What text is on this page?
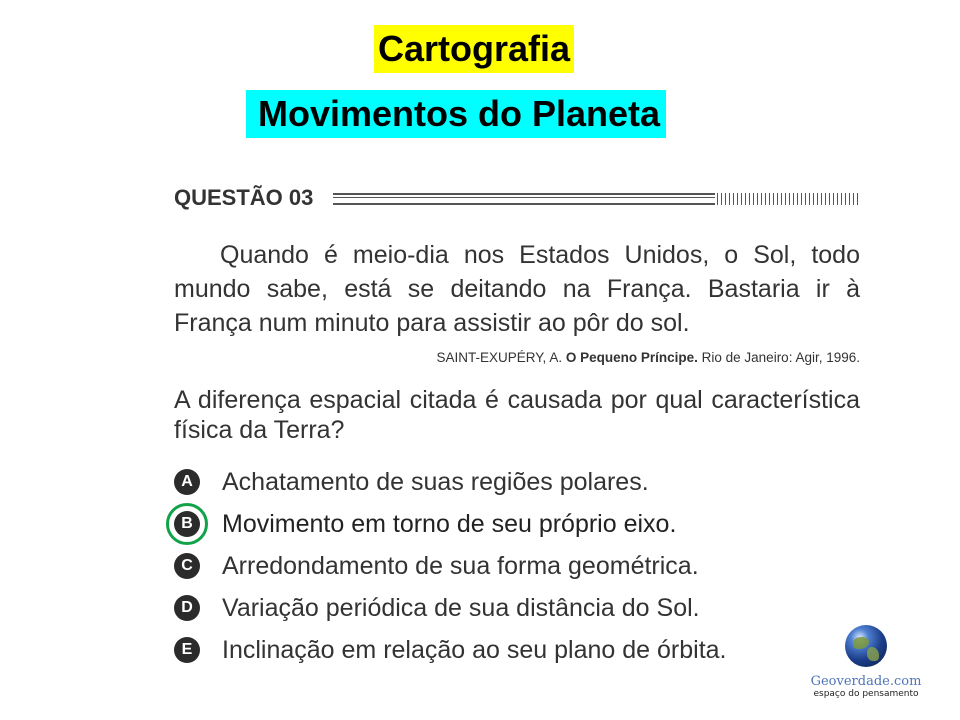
Cartografia
Movimentos do Planeta
QUESTÃO 03
Quando é meio-dia nos Estados Unidos, o Sol, todo mundo sabe, está se deitando na França. Bastaria ir à França num minuto para assistir ao pôr do sol.
SAINT-EXUPÉRY, A. O Pequeno Príncipe. Rio de Janeiro: Agir, 1996.
A diferença espacial citada é causada por qual característica física da Terra?
A Achatamento de suas regiões polares.
B Movimento em torno de seu próprio eixo.
C Arredondamento de sua forma geométrica.
D Variação periódica de sua distância do Sol.
E	Inclinação em relação ao seu plano de órbita.
Geoverdade.com
espaço do pensamento
